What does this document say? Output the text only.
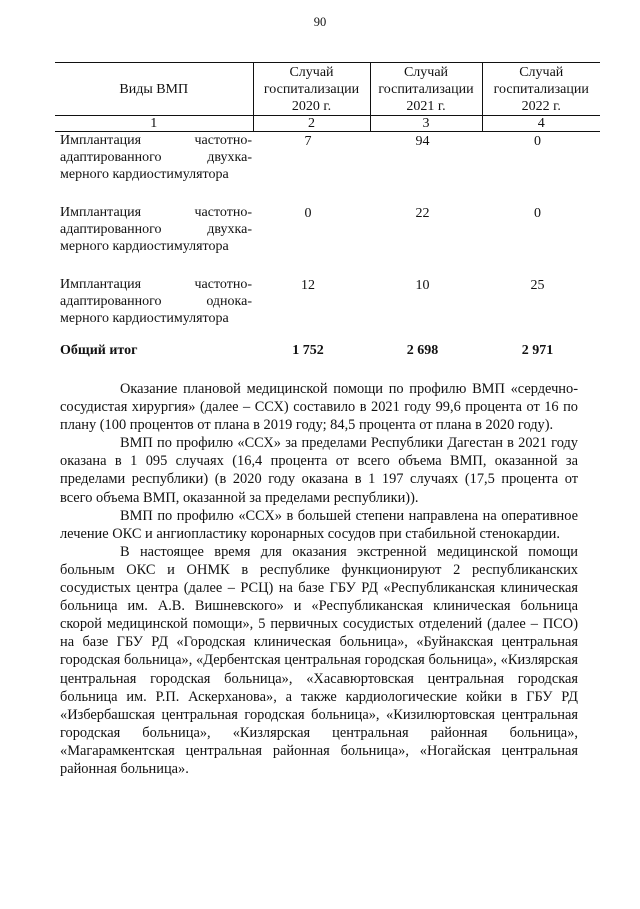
90
Виды ВМП	Случай госпитализации 2020 г.	Случай госпитализации 2021 г.	Случай госпитализации 2022 г.
1	2	3	4
Имплантация частотно-адаптированного двухка-мерного кардиостимулятора	7	94	0

Имплантация частотно-адаптированного двухка-мерного кардиостимулятора	0	22	0

Имплантация частотно-адаптированного однока-мерного кардиостимулятора	12	10	25
Общий итог	1 752	2 698	2 971

Оказание плановой медицинской помощи по профилю ВМП «сердечно-сосудистая хирургия» (далее – ССХ) составило в 2021 году 99,6 процента от 16 по плану (100 процентов от плана в 2019 году; 84,5 процента от плана в 2020 году).

ВМП по профилю «ССХ» за пределами Республики Дагестан в 2021 году оказана в 1 095 случаях (16,4 процента от всего объема ВМП, оказанной за пределами республики) (в 2020 году оказана в 1 197 случаях (17,5 процента от всего объема ВМП, оказанной за пределами республики)).

ВМП по профилю «ССХ» в большей степени направлена на оперативное лечение ОКС и ангиопластику коронарных сосудов при стабильной стенокардии.

В настоящее время для оказания экстренной медицинской помощи больным ОКС и ОНМК в республике функционируют 2 республиканских сосудистых центра (далее – РСЦ) на базе ГБУ РД «Республиканская клиническая больница им. А.В. Вишневского» и «Республиканская клиническая больница скорой медицинской помощи», 5 первичных сосудистых отделений (далее – ПСО) на базе ГБУ РД «Городская клиническая больница», «Буйнакская центральная городская больница», «Дербентская центральная городская больница», «Кизлярская центральная городская больница», «Хасавюртовская центральная городская больница им. Р.П. Аскерханова», а также кардиологические койки в ГБУ РД «Избербашская центральная городская больница», «Кизилюртовская центральная городская больница», «Кизлярская центральная районная больница», «Магарамкентская центральная районная больница», «Ногайская центральная районная больница».
